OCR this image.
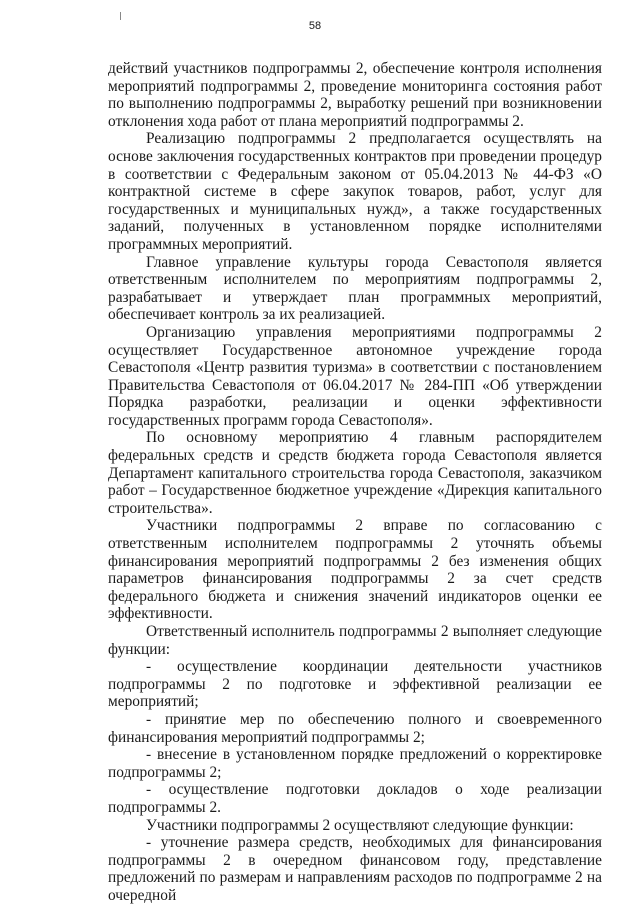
58

действий участников подпрограммы 2, обеспечение контроля исполнения мероприятий подпрограммы 2, проведение мониторинга состояния работ по выполнению подпрограммы 2, выработку решений при возникновении отклонения хода работ от плана мероприятий подпрограммы 2.

Реализацию подпрограммы 2 предполагается осуществлять на основе заключения государственных контрактов при проведении процедур в соответствии с Федеральным законом от 05.04.2013 № 44-ФЗ «О контрактной системе в сфере закупок товаров, работ, услуг для государственных и муниципальных нужд», а также государственных заданий, полученных в установленном порядке исполнителями программных мероприятий.

Главное управление культуры города Севастополя является ответственным исполнителем по мероприятиям подпрограммы 2, разрабатывает и утверждает план программных мероприятий, обеспечивает контроль за их реализацией.

Организацию управления мероприятиями подпрограммы 2 осуществляет Государственное автономное учреждение города Севастополя «Центр развития туризма» в соответствии с постановлением Правительства Севастополя от 06.04.2017 № 284-ПП «Об утверждении Порядка разработки, реализации и оценки эффективности государственных программ города Севастополя».

По основному мероприятию 4 главным распорядителем федеральных средств и средств бюджета города Севастополя является Департамент капитального строительства города Севастополя, заказчиком работ – Государственное бюджетное учреждение «Дирекция капитального строительства».

Участники подпрограммы 2 вправе по согласованию с ответственным исполнителем подпрограммы 2 уточнять объемы финансирования мероприятий подпрограммы 2 без изменения общих параметров финансирования подпрограммы 2 за счет средств федерального бюджета и снижения значений индикаторов оценки ее эффективности.

Ответственный исполнитель подпрограммы 2 выполняет следующие функции:

- осуществление координации деятельности участников подпрограммы 2 по подготовке и эффективной реализации ее мероприятий;

- принятие мер по обеспечению полного и своевременного финансирования мероприятий подпрограммы 2;

- внесение в установленном порядке предложений о корректировке подпрограммы 2;

- осуществление подготовки докладов о ходе реализации подпрограммы 2.

Участники подпрограммы 2 осуществляют следующие функции:

- уточнение размера средств, необходимых для финансирования подпрограммы 2 в очередном финансовом году, представление предложений по размерам и направлениям расходов по подпрограмме 2 на очередной
